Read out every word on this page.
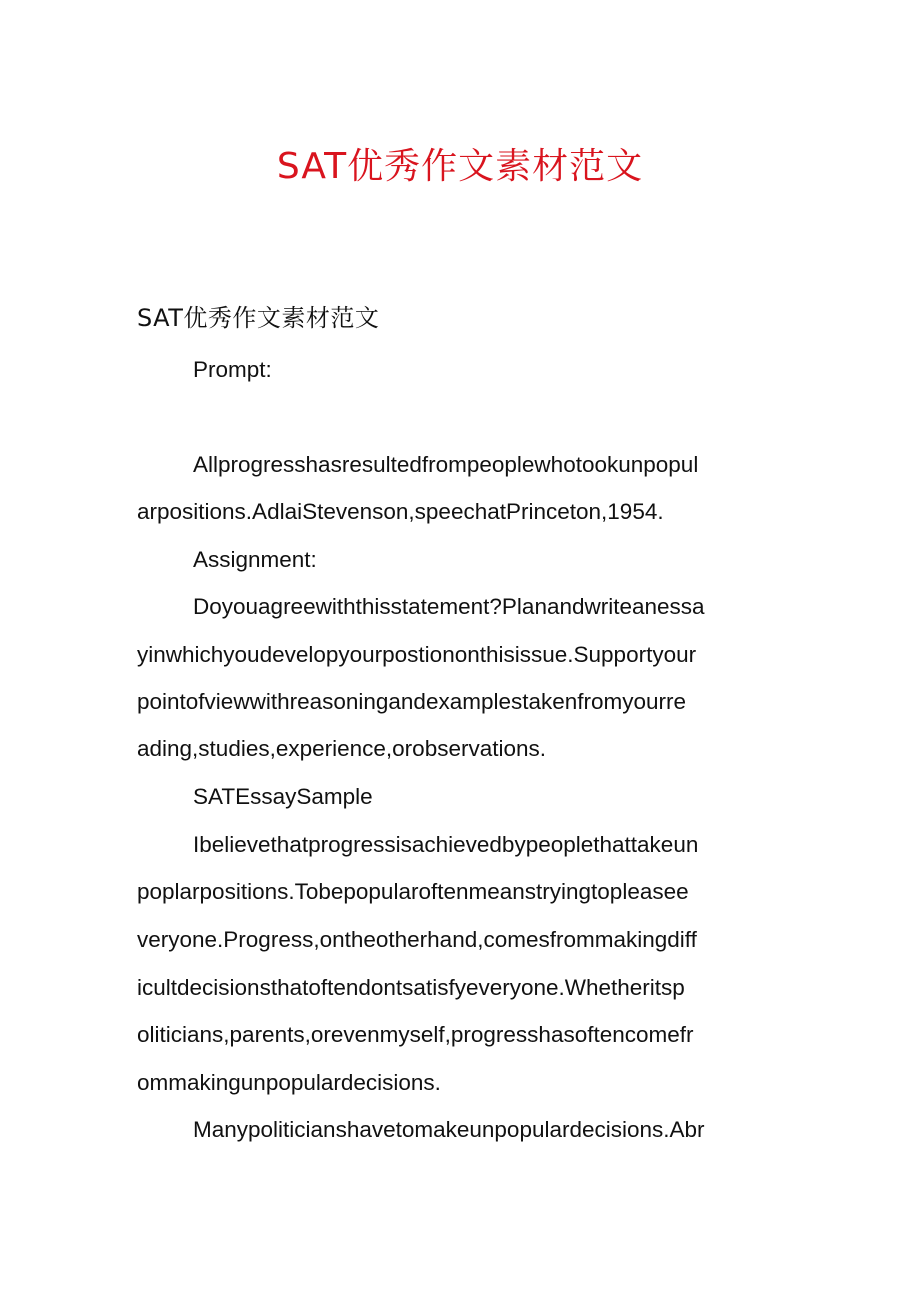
SAT优秀作文素材范文
SAT优秀作文素材范文
Prompt:
Allprogresshasresultedfrompeoplewhotookunpopul
arpositions.AdlaiStevenson,speechatPrinceton,1954.
Assignment:
Doyouagreewiththisstatement?Planandwriteanessa
yinwhichyoudevelopyourpostiononthisissue.Supportyour
pointofviewwithreasoningandexamplestakenfromyourre
ading,studies,experience,orobservations.
SATEssaySample
Ibelievethatprogressisachievedbypeoplethattakeun
poplarpositions.Tobepopularoftenmeanstryingtopleasee
veryone.Progress,ontheotherhand,comesfrommakingdiff
icultdecisionsthatoftendontsatisfyeveryone.Whetheritsp
oliticians,parents,orevenmyself,progresshasoftencomefr
ommakingunpopulardecisions.
Manypoliticianshavetomakeunpopulardecisions.Abr
